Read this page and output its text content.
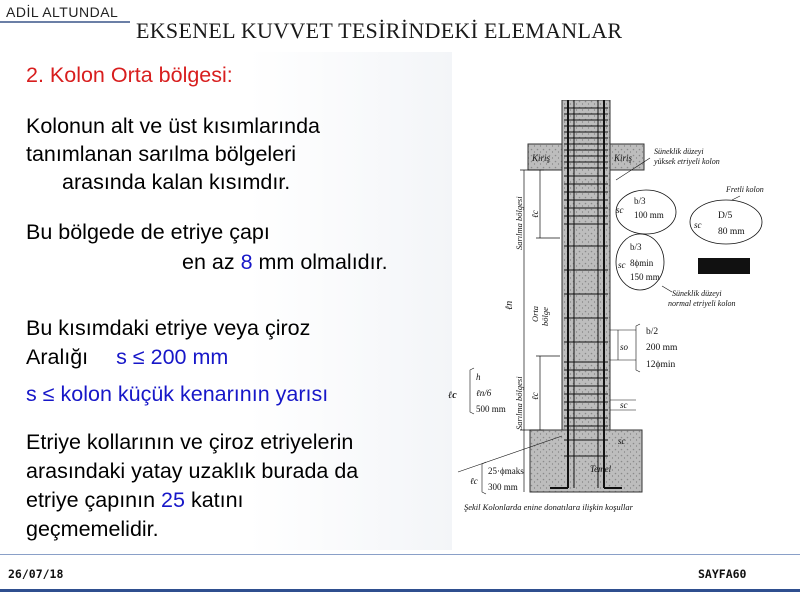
ADİL ALTUNDAL
EKSENEL KUVVET TESİRİNDEKİ ELEMANLAR
2. Kolon Orta bölgesi:
Kolonun alt ve üst kısımlarında
tanımlanan sarılma bölgeleri
arasında kalan kısımdır.
Bu bölgede de etriye çapı
en az 8 mm olmalıdır.
Bu kısımdaki etriye veya çiroz
Aralığı s ≤ 200 mm
s ≤ kolon küçük kenarının yarısı
Etriye kollarının ve çiroz etriyelerin
arasındaki yatay uzaklık burada da
etriye çapının 25 katını
geçmemelidir.
Kiriş	Kiriş
Sarılma bölgesi ℓc
ℓn
Orta bölge
Sarılma bölgesi ℓc
Süneklik düzeyi
yüksek etriyeli kolon
Fretli kolon
b/3
100 mm
sc
D/5
80 mm
sc
b/3
8ϕmin
150 mm
sc
Süneklik düzeyi
normal etriyeli kolon
so
b/2
200 mm
12ϕmin
sc
sc
ℓc
h
ℓn/6
500 mm
25·ϕmaks
300 mm
ℓc
Temel
Şekil Kolonlarda enine donatılara ilişkin koşullar
26/07/18	SAYFA60
